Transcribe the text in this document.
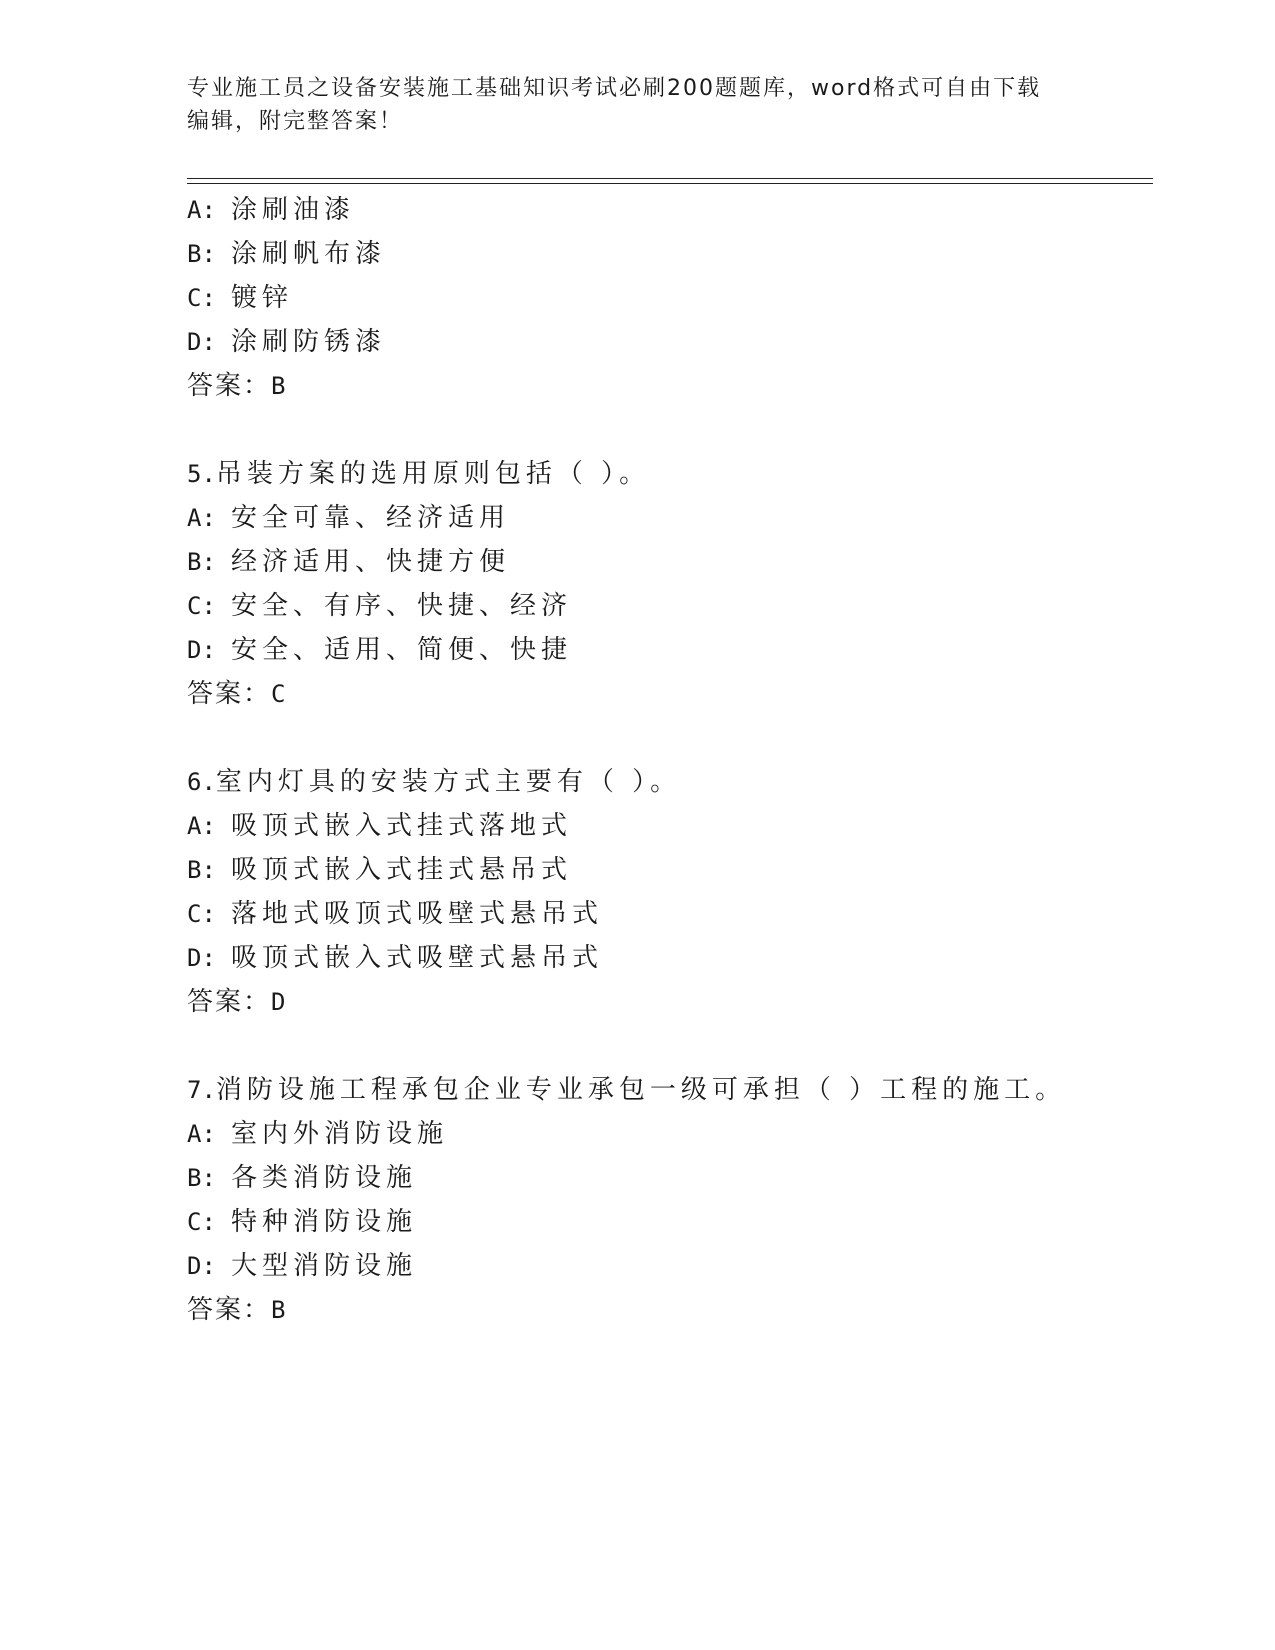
专业施工员之设备安装施工基础知识考试必刷200题题库，word格式可自由下载
编辑，附完整答案！
A: 涂刷油漆
B: 涂刷帆布漆
C: 镀锌
D: 涂刷防锈漆
答案：B
5.吊装方案的选用原则包括（ ）。
A: 安全可靠、经济适用
B: 经济适用、快捷方便
C: 安全、有序、快捷、经济
D: 安全、适用、简便、快捷
答案：C
6.室内灯具的安装方式主要有（ ）。
A: 吸顶式嵌入式挂式落地式
B: 吸顶式嵌入式挂式悬吊式
C: 落地式吸顶式吸壁式悬吊式
D: 吸顶式嵌入式吸壁式悬吊式
答案：D
7.消防设施工程承包企业专业承包一级可承担（ ）工程的施工。
A: 室内外消防设施
B: 各类消防设施
C: 特种消防设施
D: 大型消防设施
答案：B
